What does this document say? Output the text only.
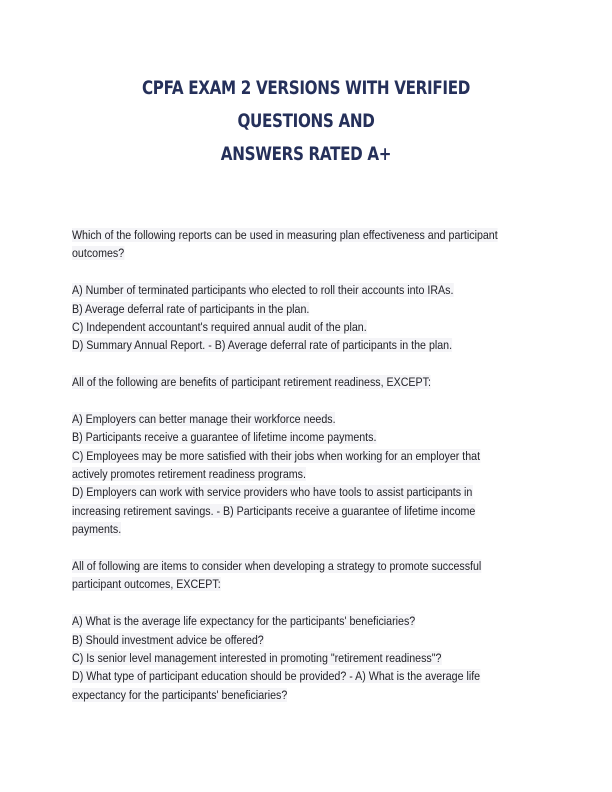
CPFA EXAM 2 VERSIONS WITH VERIFIED QUESTIONS AND
ANSWERS RATED A+
Which of the following reports can be used in measuring plan effectiveness and participant
outcomes?
A) Number of terminated participants who elected to roll their accounts into IRAs.
B) Average deferral rate of participants in the plan.
C) Independent accountant's required annual audit of the plan.
D) Summary Annual Report. - B) Average deferral rate of participants in the plan.
All of the following are benefits of participant retirement readiness, EXCEPT:
A) Employers can better manage their workforce needs.
B) Participants receive a guarantee of lifetime income payments.
C) Employees may be more satisfied with their jobs when working for an employer that
actively promotes retirement readiness programs.
D) Employers can work with service providers who have tools to assist participants in
increasing retirement savings. - B) Participants receive a guarantee of lifetime income
payments.
All of following are items to consider when developing a strategy to promote successful
participant outcomes, EXCEPT:
A) What is the average life expectancy for the participants' beneficiaries?
B) Should investment advice be offered?
C) Is senior level management interested in promoting "retirement readiness"?
D) What type of participant education should be provided? - A) What is the average life
expectancy for the participants' beneficiaries?
